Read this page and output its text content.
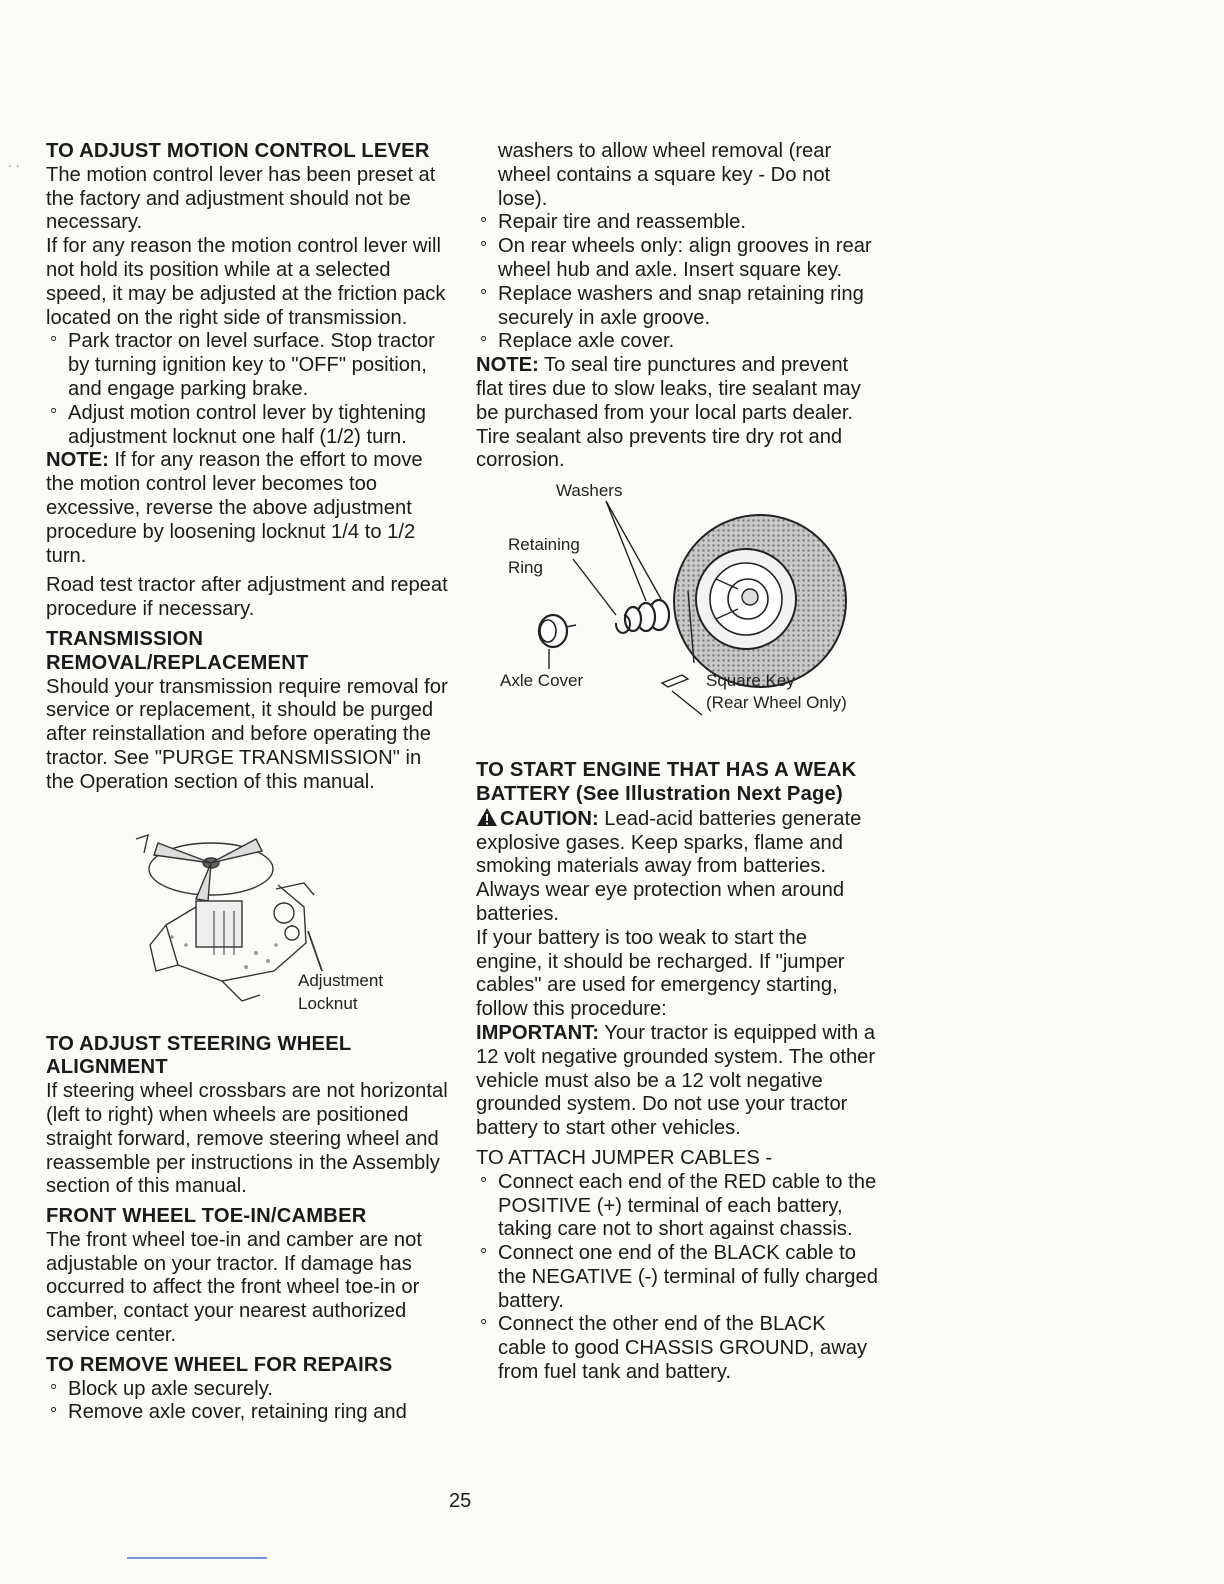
. . TO ADJUST MOTION CONTROL LEVER

The motion control lever has been preset at the factory and adjustment should not be necessary.

If for any reason the motion control lever will not hold its position while at a selected speed, it may be adjusted at the friction pack located on the right side of transmission.

° Park tractor on level surface. Stop tractor by turning ignition key to "OFF" position, and engage parking brake.
° Adjust motion control lever by tightening adjustment locknut one half (1/2) turn.

NOTE: If for any reason the effort to move the motion control lever becomes too excessive, reverse the above adjustment procedure by loosening locknut 1/4 to 1/2 turn.

Road test tractor after adjustment and repeat procedure if necessary.

TRANSMISSION REMOVAL/REPLACEMENT

Should your transmission require removal for service or replacement, it should be purged after reinstallation and before operating the tractor. See "PURGE TRANSMISSION" in the Operation section of this manual.

Adjustment
Locknut
TO ADJUST STEERING WHEEL ALIGNMENT

If steering wheel crossbars are not horizontal (left to right) when wheels are positioned straight forward, remove steering wheel and reassemble per instructions in the Assembly section of this manual.

FRONT WHEEL TOE-IN/CAMBER

The front wheel toe-in and camber are not adjustable on your tractor. If damage has occurred to affect the front wheel toe-in or camber, contact your nearest authorized service center.

TO REMOVE WHEEL FOR REPAIRS
° Block up axle securely.
° Remove axle cover, retaining ring and

washers to allow wheel removal (rear wheel contains a square key - Do not lose).

° Repair tire and reassemble.
° On rear wheels only: align grooves in rear wheel hub and axle. Insert square key.
° Replace washers and snap retaining ring securely in axle groove.
° Replace axle cover.

NOTE: To seal tire punctures and prevent flat tires due to slow leaks, tire sealant may be purchased from your local parts dealer. Tire sealant also prevents tire dry rot and corrosion.

Washers
Retaining
Ring
Axle Cover	Square Key
(Rear Wheel Only)
TO START ENGINE THAT HAS A WEAK BATTERY (See Illustration Next Page)

CAUTION: Lead-acid batteries generate explosive gases. Keep sparks, flame and smoking materials away from batteries. Always wear eye protection when around batteries.

If your battery is too weak to start the engine, it should be recharged. If "jumper cables" are used for emergency starting, follow this procedure:

IMPORTANT: Your tractor is equipped with a 12 volt negative grounded system. The other vehicle must also be a 12 volt negative grounded system. Do not use your tractor battery to start other vehicles.

TO ATTACH JUMPER CABLES -

° Connect each end of the RED cable to the POSITIVE (+) terminal of each battery, taking care not to short against chassis.
° Connect one end of the BLACK cable to the NEGATIVE (-) terminal of fully charged battery.
° Connect the other end of the BLACK cable to good CHASSIS GROUND, away from fuel tank and battery.
25
